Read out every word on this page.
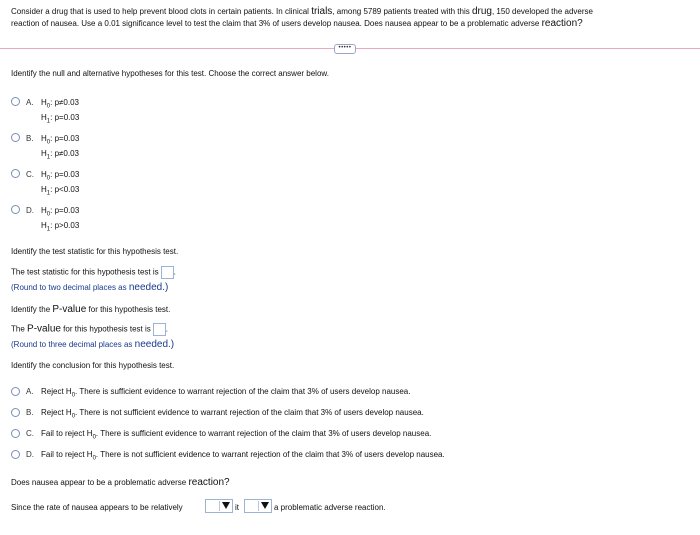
Consider a drug that is used to help prevent blood clots in certain patients. In clinical trials, among 5789 patients treated with this drug, 150 developed the adverse
reaction of nausea. Use a 0.01 significance level to test the claim that 3% of users develop nausea. Does nausea appear to be a problematic adverse reaction?
•••••
Identify the null and alternative hypotheses for this test. Choose the correct answer below.
A. $H_0$: p≠0.03
$H_1$: p=0.03
B. $H_0$: p=0.03
$H_1$: p≠0.03
C. $H_0$: p=0.03
$H_1$: p<0.03
D. $H_0$: p=0.03
$H_1$: p>0.03
Identify the test statistic for this hypothesis test.
The test statistic for this hypothesis test is .
(Round to two decimal places as needed.)
Identify the P-value for this hypothesis test.
The P-value for this hypothesis test is .
(Round to three decimal places as needed.)
Identify the conclusion for this hypothesis test.
A. Reject $H_0$. There is sufficient evidence to warrant rejection of the claim that 3% of users develop nausea.
B. Reject $H_0$. There is not sufficient evidence to warrant rejection of the claim that 3% of users develop nausea.
C. Fail to reject $H_0$. There is sufficient evidence to warrant rejection of the claim that 3% of users develop nausea.
D. Fail to reject $H_0$. There is not sufficient evidence to warrant rejection of the claim that 3% of users develop nausea.
Does nausea appear to be a problematic adverse reaction?
Since the rate of nausea appears to be relatively	it	a problematic adverse reaction.
